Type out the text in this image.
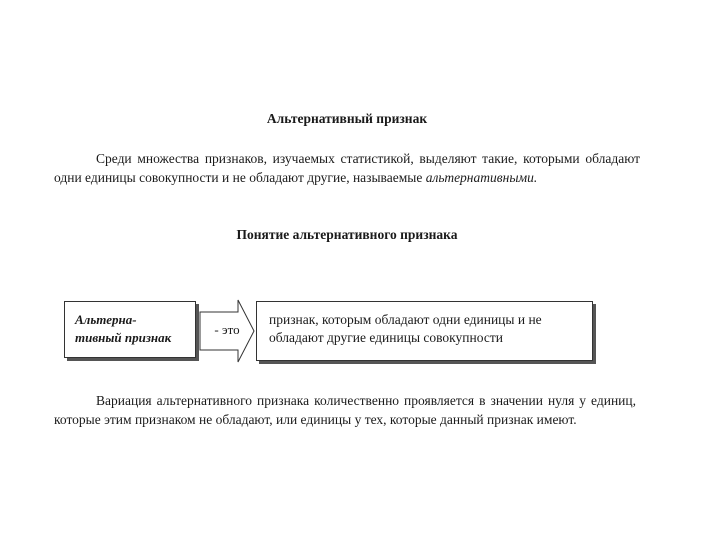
Альтернативный признак
Среди множества признаков, изучаемых статистикой, выделяют такие, которыми обладают одни единицы совокупности и не обладают другие, называемые альтернативными.
Понятие альтернативного признака
Альтерна-
тивный признак
- это
признак, которым обладают одни единицы и не обладают другие единицы совокупности
Вариация альтернативного признака количественно проявляется в значении нуля у единиц, которые этим признаком не обладают, или единицы у тех, которые данный признак имеют.
